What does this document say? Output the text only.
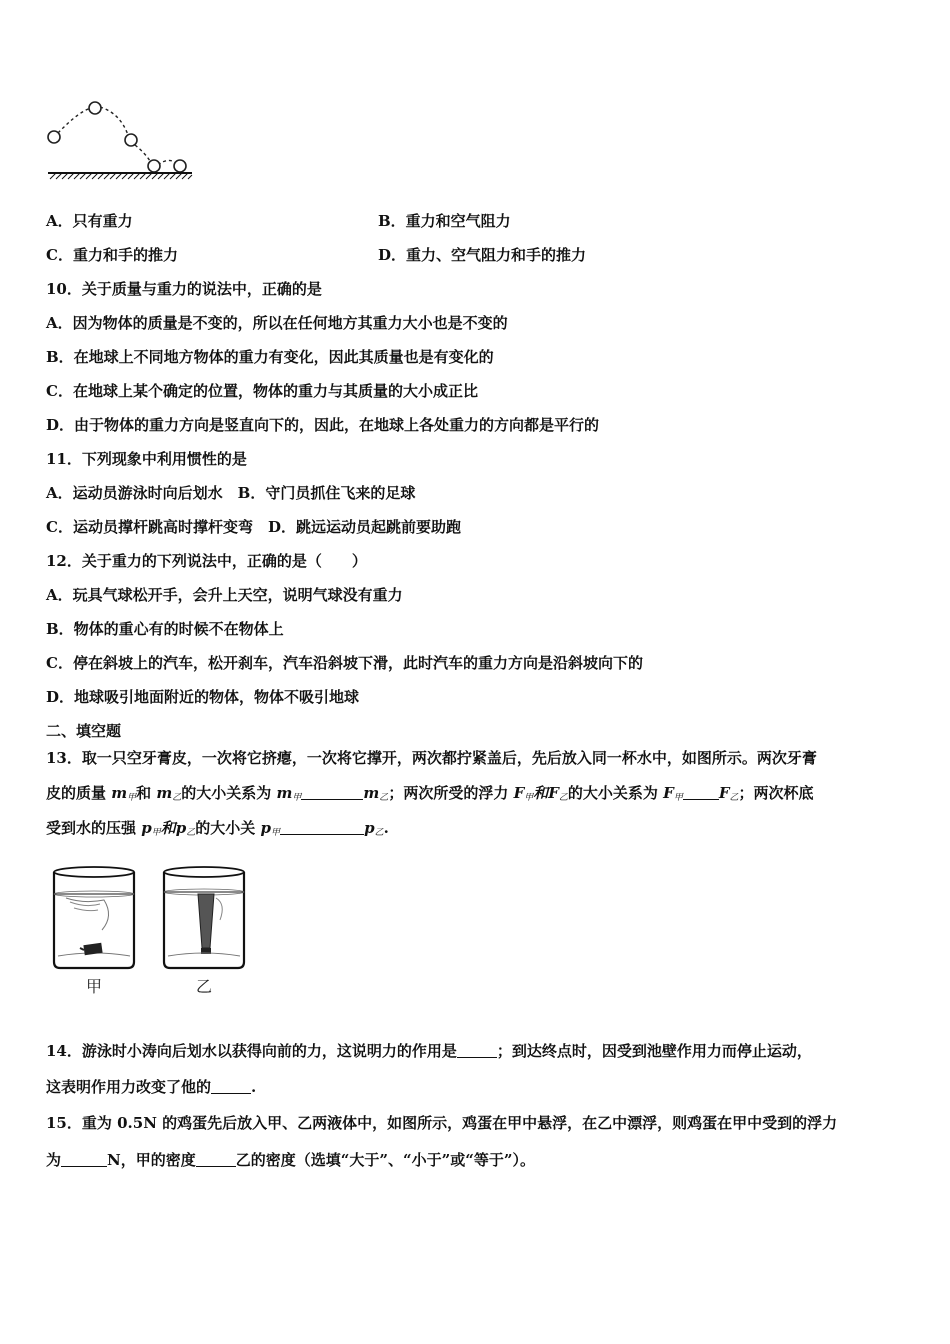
A．只有重力	B．重力和空气阻力
C．重力和手的推力	D．重力、空气阻力和手的推力
10．关于质量与重力的说法中，正确的是
A．因为物体的质量是不变的，所以在任何地方其重力大小也是不变的
B．在地球上不同地方物体的重力有变化，因此其质量也是有变化的
C．在地球上某个确定的位置，物体的重力与其质量的大小成正比
D．由于物体的重力方向是竖直向下的，因此，在地球上各处重力的方向都是平行的
11．下列现象中利用惯性的是
A．运动员游泳时向后划水　B．守门员抓住飞来的足球
C．运动员撑杆跳高时撑杆变弯　D．跳远运动员起跳前要助跑
12．关于重力的下列说法中，正确的是（　　）
A．玩具气球松开手，会升上天空，说明气球没有重力
B．物体的重心有的时候不在物体上
C．停在斜坡上的汽车，松开刹车，汽车沿斜坡下滑，此时汽车的重力方向是沿斜坡向下的
D．地球吸引地面附近的物体，物体不吸引地球
二、填空题
13．取一只空牙膏皮，一次将它挤瘪，一次将它撑开，两次都拧紧盖后，先后放入同一杯水中，如图所示。两次牙膏
皮的质量 $m_甲$和 $m_乙$的大小关系为 $m_甲$	$m_乙$；两次所受的浮力 $F_甲$和$F_乙$的大小关系为 $F_甲$ $F_乙$；两次杯底
受到水的压强 $p_甲$和$p_乙$的大小关 $p_甲$	$p_乙$.
甲	乙
14．游泳时小涛向后划水以获得向前的力，这说明力的作用是	；到达终点时，因受到池壁作用力而停止运动，
这表明作用力改变了他的	.
15．重为 0.5N 的鸡蛋先后放入甲、乙两液体中，如图所示，鸡蛋在甲中悬浮，在乙中漂浮，则鸡蛋在甲中受到的浮力
为	N，甲的密度	乙的密度（选填“大于”、“小于”或“等于”）。
